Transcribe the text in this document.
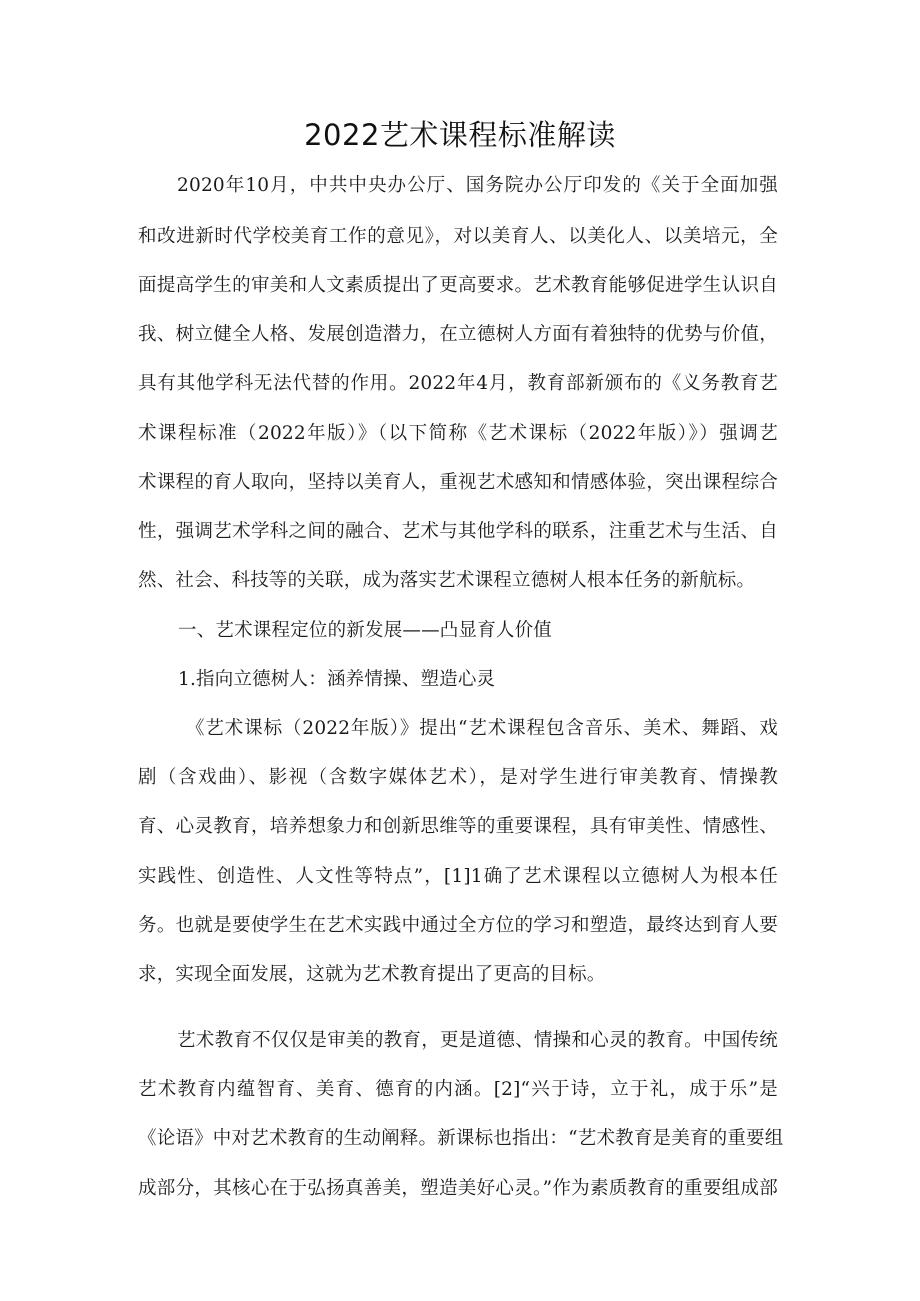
2022艺术课程标准解读
2020年10月，中共中央办公厅、国务院办公厅印发的《关于全面加强
和改进新时代学校美育工作的意见》，对以美育人、以美化人、以美培元，全
面提高学生的审美和人文素质提出了更高要求。艺术教育能够促进学生认识自
我、树立健全人格、发展创造潜力，在立德树人方面有着独特的优势与价值，
具有其他学科无法代替的作用。2022年4月，教育部新颁布的《义务教育艺
术课程标准（2022年版）》（以下简称《艺术课标（2022年版）》）强调艺
术课程的育人取向，坚持以美育人，重视艺术感知和情感体验，突出课程综合
性，强调艺术学科之间的融合、艺术与其他学科的联系，注重艺术与生活、自
然、社会、科技等的关联，成为落实艺术课程立德树人根本任务的新航标。
一、艺术课程定位的新发展——凸显育人价值
1.指向立德树人：涵养情操、塑造心灵
《艺术课标（2022年版）》提出“艺术课程包含音乐、美术、舞蹈、戏
剧（含戏曲）、影视（含数字媒体艺术），是对学生进行审美教育、情操教
育、心灵教育，培养想象力和创新思维等的重要课程，具有审美性、情感性、
实践性、创造性、人文性等特点”，[1]1确了艺术课程以立德树人为根本任
务。也就是要使学生在艺术实践中通过全方位的学习和塑造，最终达到育人要
求，实现全面发展，这就为艺术教育提出了更高的目标。
艺术教育不仅仅是审美的教育，更是道德、情操和心灵的教育。中国传统
艺术教育内蕴智育、美育、德育的内涵。[2]“兴于诗，立于礼，成于乐”是
《论语》中对艺术教育的生动阐释。新课标也指出：“艺术教育是美育的重要组
成部分，其核心在于弘扬真善美，塑造美好心灵。”作为素质教育的重要组成部
